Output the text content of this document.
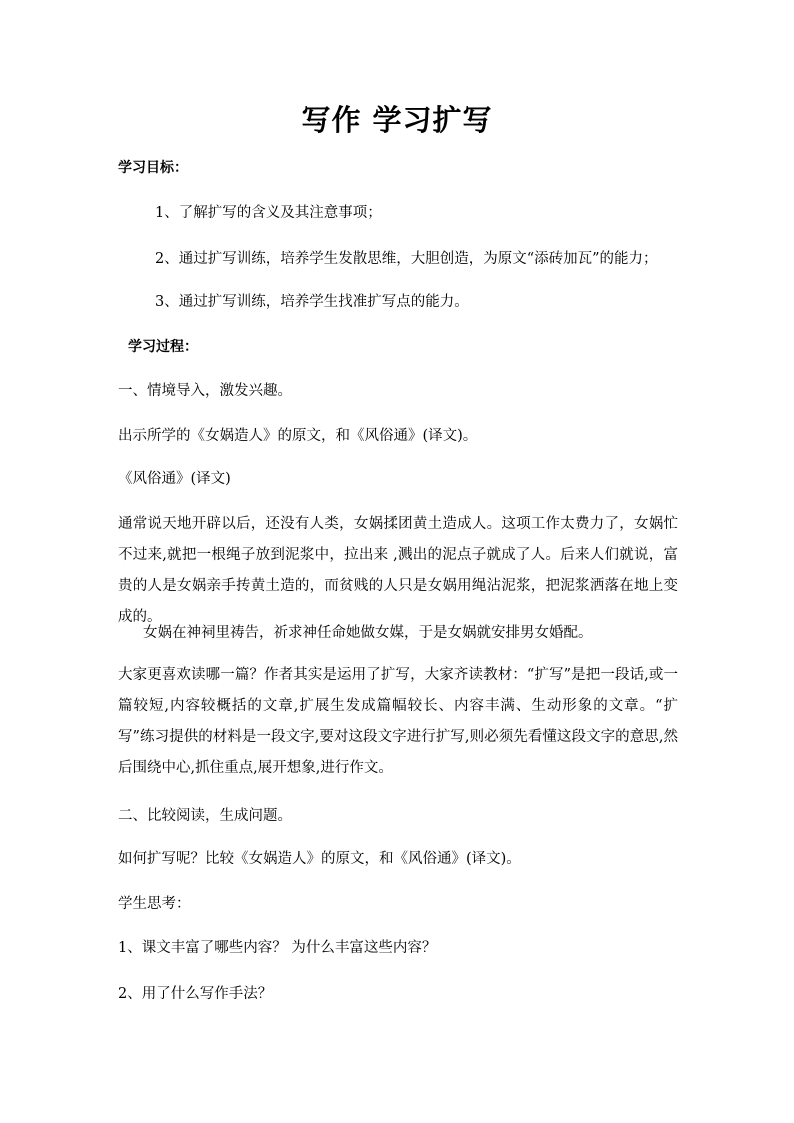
写作 学习扩写
学习目标：
1、了解扩写的含义及其注意事项；
2、通过扩写训练，培养学生发散思维，大胆创造，为原文“添砖加瓦”的能力；
3、通过扩写训练，培养学生找准扩写点的能力。
学习过程：
一、情境导入，激发兴趣。
出示所学的《女娲造人》的原文，和《风俗通》(译文)。
《风俗通》(译文)
通常说天地开辟以后，还没有人类，女娲揉团黄土造成人。这项工作太费力了，女娲忙不过来,就把一根绳子放到泥浆中，拉出来 ,溅出的泥点子就成了人。后来人们就说，富贵的人是女娲亲手抟黄土造的，而贫贱的人只是女娲用绳沾泥浆，把泥浆洒落在地上变成的。
女娲在神祠里祷告，祈求神任命她做女媒，于是女娲就安排男女婚配。
大家更喜欢读哪一篇？作者其实是运用了扩写，大家齐读教材：“扩写”是把一段话,或一篇较短,内容较概括的文章,扩展生发成篇幅较长、内容丰满、生动形象的文章。“扩写”练习提供的材料是一段文字,要对这段文字进行扩写,则必须先看懂这段文字的意思,然后围绕中心,抓住重点,展开想象,进行作文。
二、比较阅读，生成问题。
如何扩写呢？比较《女娲造人》的原文，和《风俗通》(译文)。
学生思考：
1、课文丰富了哪些内容？ 为什么丰富这些内容？
2、用了什么写作手法？
